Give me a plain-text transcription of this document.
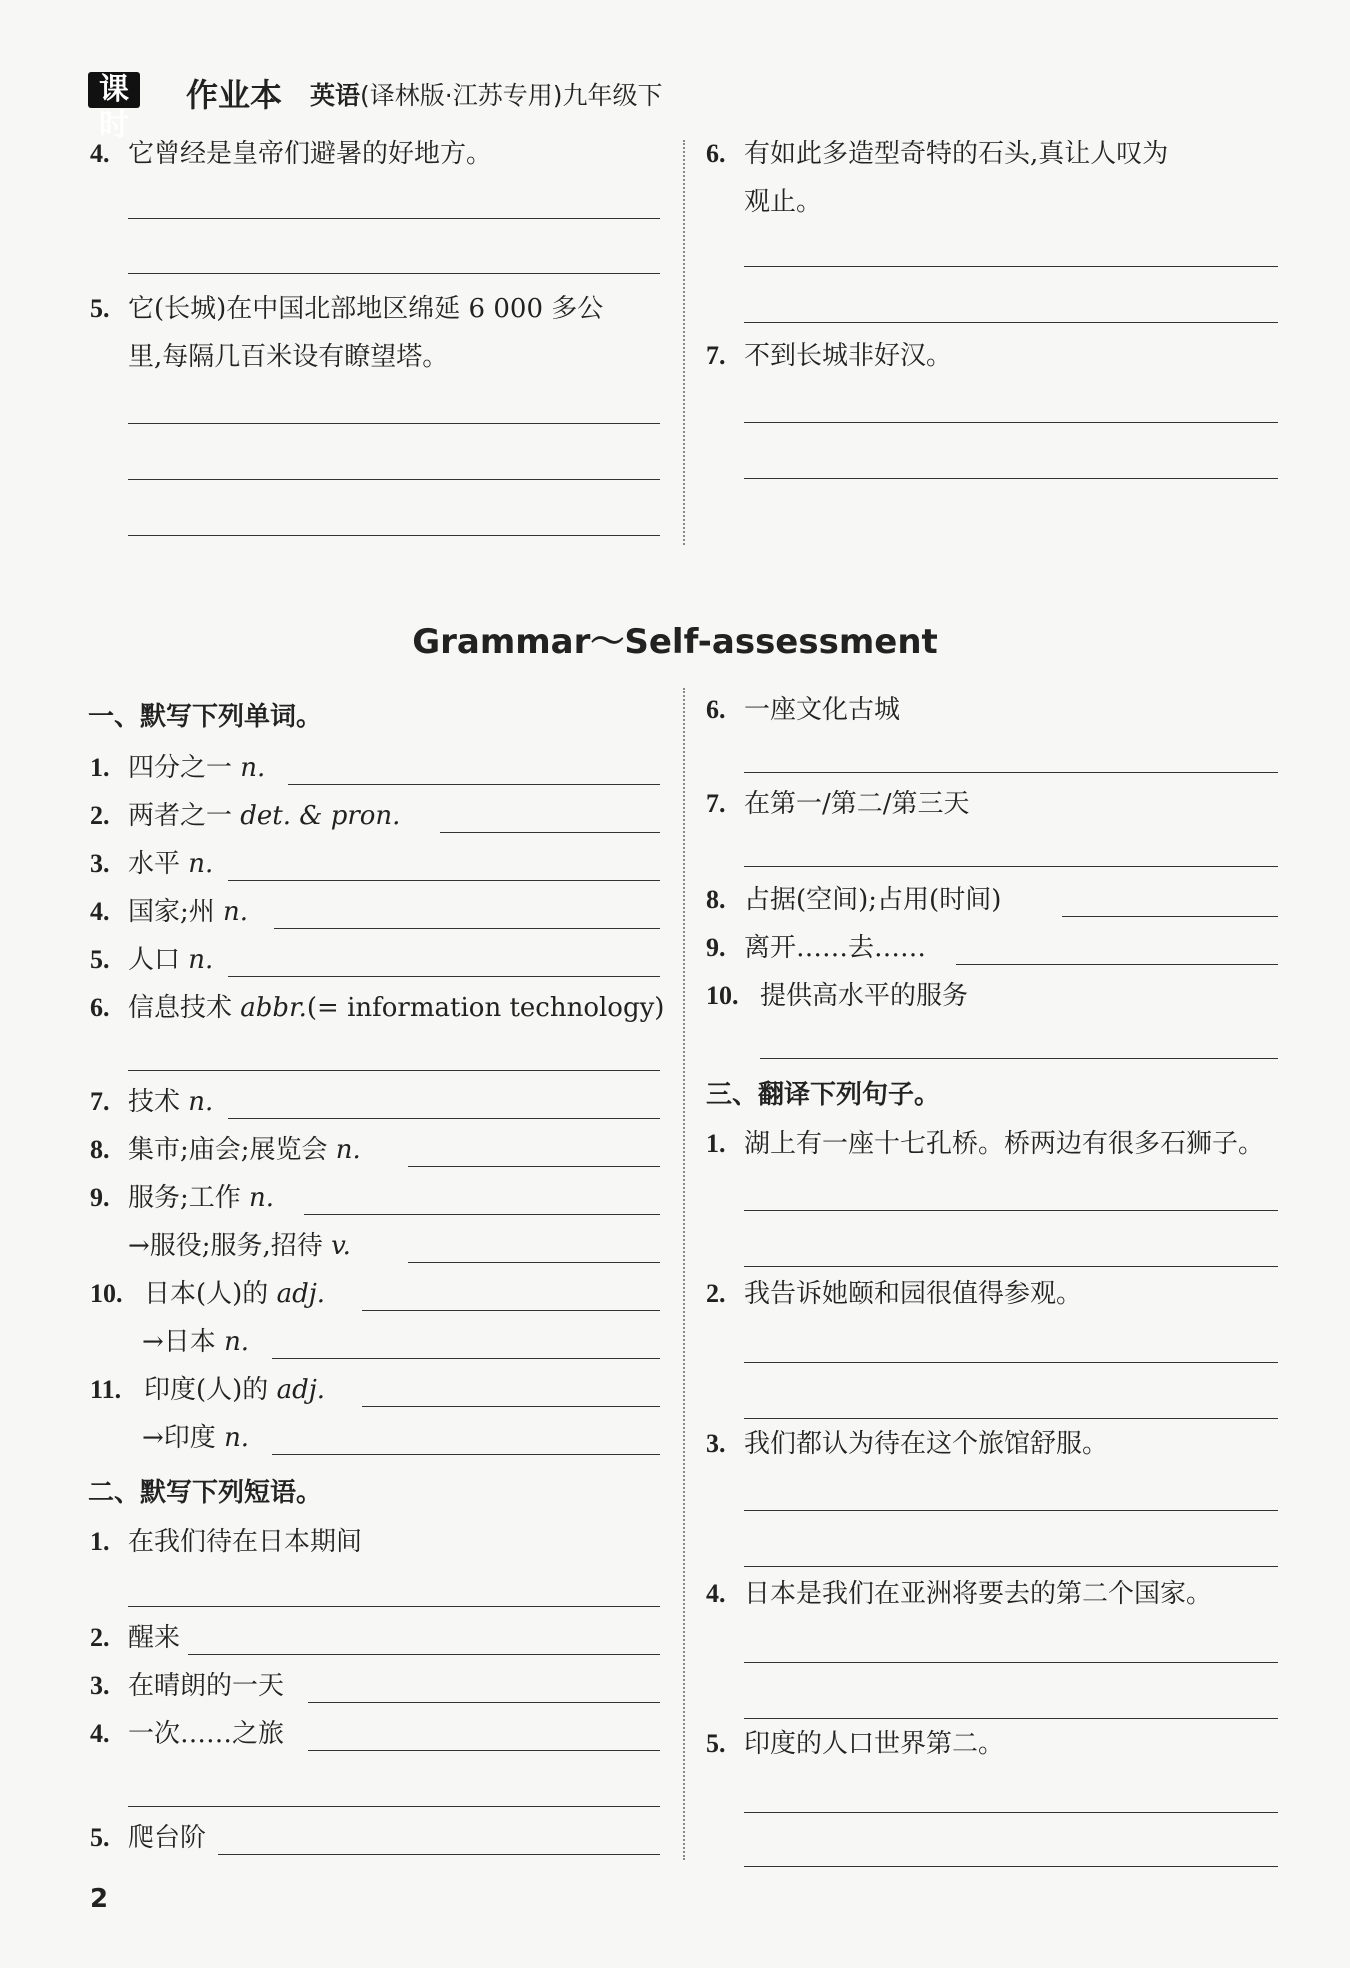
课时
作业本 英语(译林版·江苏专用)九年级下
4. 它曾经是皇帝们避暑的好地方。
5. 它(长城)在中国北部地区绵延 6 000 多公
里,每隔几百米设有瞭望塔。
6. 有如此多造型奇特的石头,真让人叹为
观止。
7. 不到长城非好汉。
Grammar～Self-assessment
一、默写下列单词。
1. 四分之一 n.
2. 两者之一 det. & pron.
3. 水平 n.
4. 国家;州 n.
5. 人口 n.
6. 信息技术 abbr.(= information technology)
7. 技术 n.
8. 集市;庙会;展览会 n.
9. 服务;工作 n.
→服役;服务,招待 v.
10. 日本(人)的 adj.
→日本 n.
11. 印度(人)的 adj.
→印度 n.
二、默写下列短语。
1. 在我们待在日本期间
2. 醒来
3. 在晴朗的一天
4. 一次……之旅
5. 爬台阶
6. 一座文化古城
7. 在第一/第二/第三天
8. 占据(空间);占用(时间)
9. 离开……去……
10. 提供高水平的服务
三、翻译下列句子。
1. 湖上有一座十七孔桥。桥两边有很多石狮子。
2. 我告诉她颐和园很值得参观。
3. 我们都认为待在这个旅馆舒服。
4. 日本是我们在亚洲将要去的第二个国家。
5. 印度的人口世界第二。
2
